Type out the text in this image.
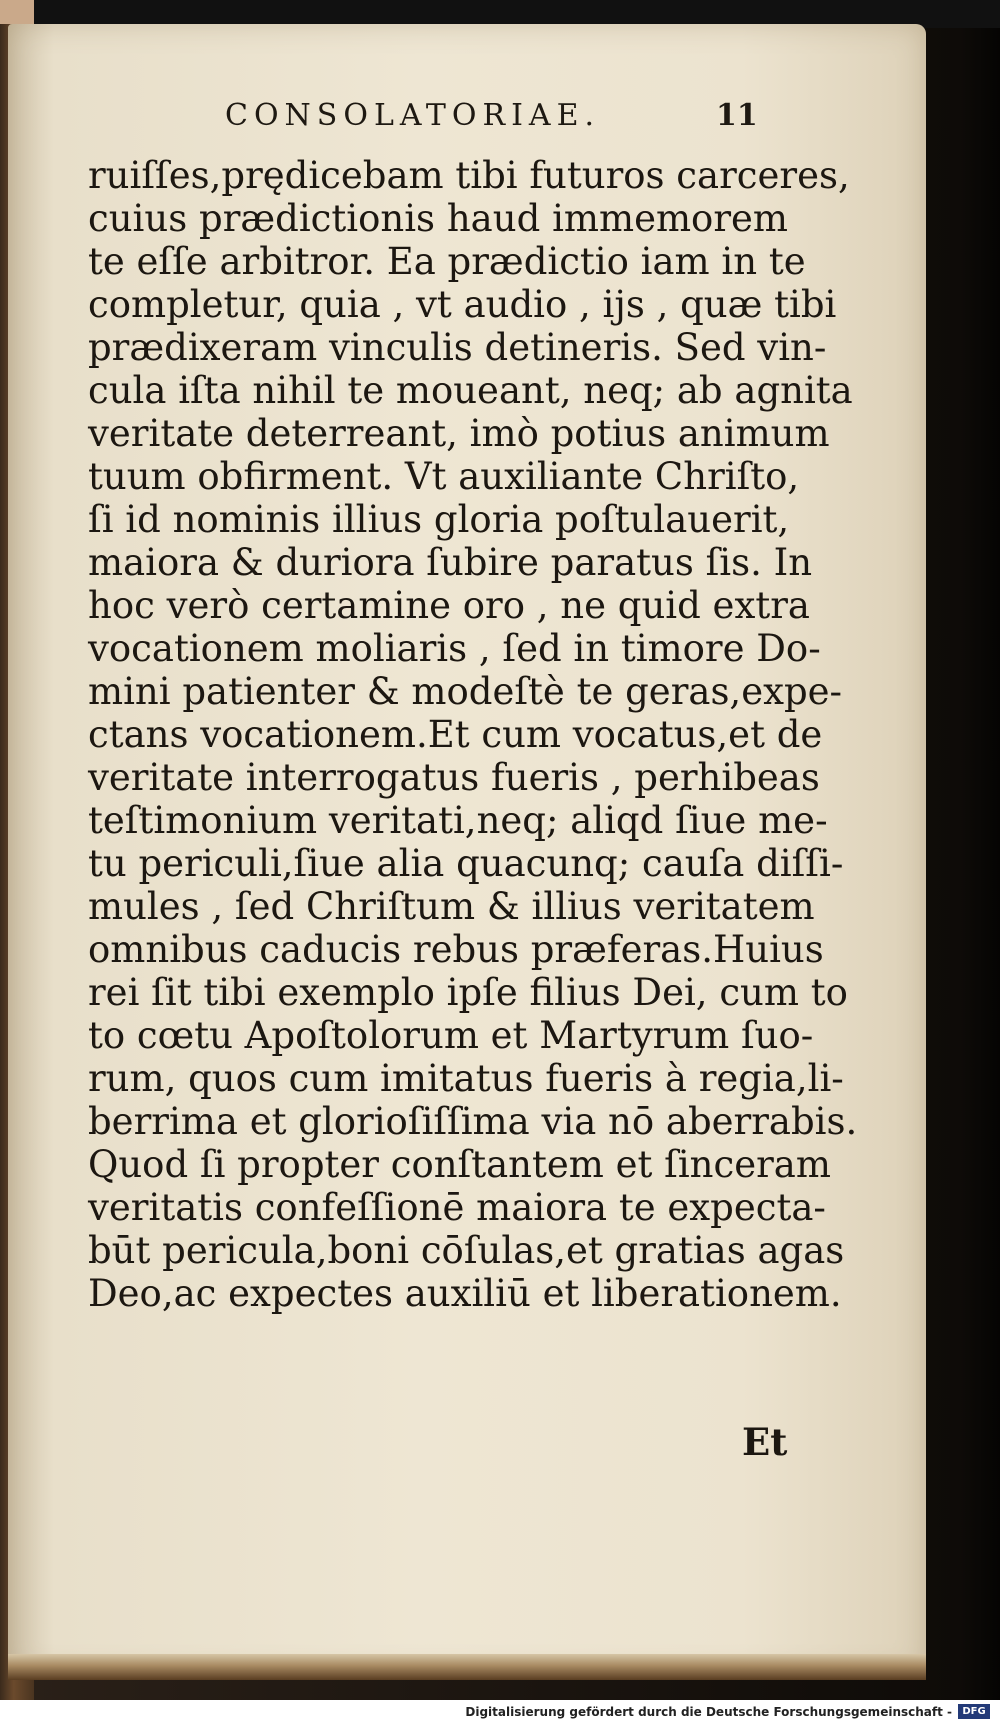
CONSOLATORIAE.	11
ruiſſes,prędicebam tibi futuros carceres,
cuius prædictionis haud immemorem
te eſſe arbitror. Ea prædictio iam in te
completur, quia , vt audio , ijs , quæ tibi
prædixeram vinculis detineris. Sed vin-
cula iſta nihil te moueant, neq; ab agnita
veritate deterreant, imò potius animum
tuum obfirment. Vt auxiliante Chriſto,
ſi id nominis illius gloria poſtulauerit,
maiora & duriora ſubire paratus ſis. In
hoc verò certamine oro , ne quid extra
vocationem moliaris , ſed in timore Do-
mini patienter & modeſtè te geras,expe-
ctans vocationem.Et cum vocatus,et de
veritate interrogatus fueris , perhibeas
teſtimonium veritati,neq; aliqd ſiue me-
tu periculi,ſiue alia quacunq; cauſa diſſi-
mules , ſed Chriſtum & illius veritatem
omnibus caducis rebus præferas.Huius
rei ſit tibi exemplo ipſe filius Dei, cum to
to cœtu Apoſtolorum et Martyrum ſuo-
rum, quos cum imitatus fueris à regia,li-
berrima et glorioſiſſima via nō aberrabis.
Quod ſi propter conſtantem et ſinceram
veritatis confeſſionē maiora te expecta-
būt pericula,boni cōſulas,et gratias agas
Deo,ac expectes auxiliū et liberationem.
Et
Digitalisierung gefördert durch die Deutsche Forschungsgemeinschaft -	DFG
